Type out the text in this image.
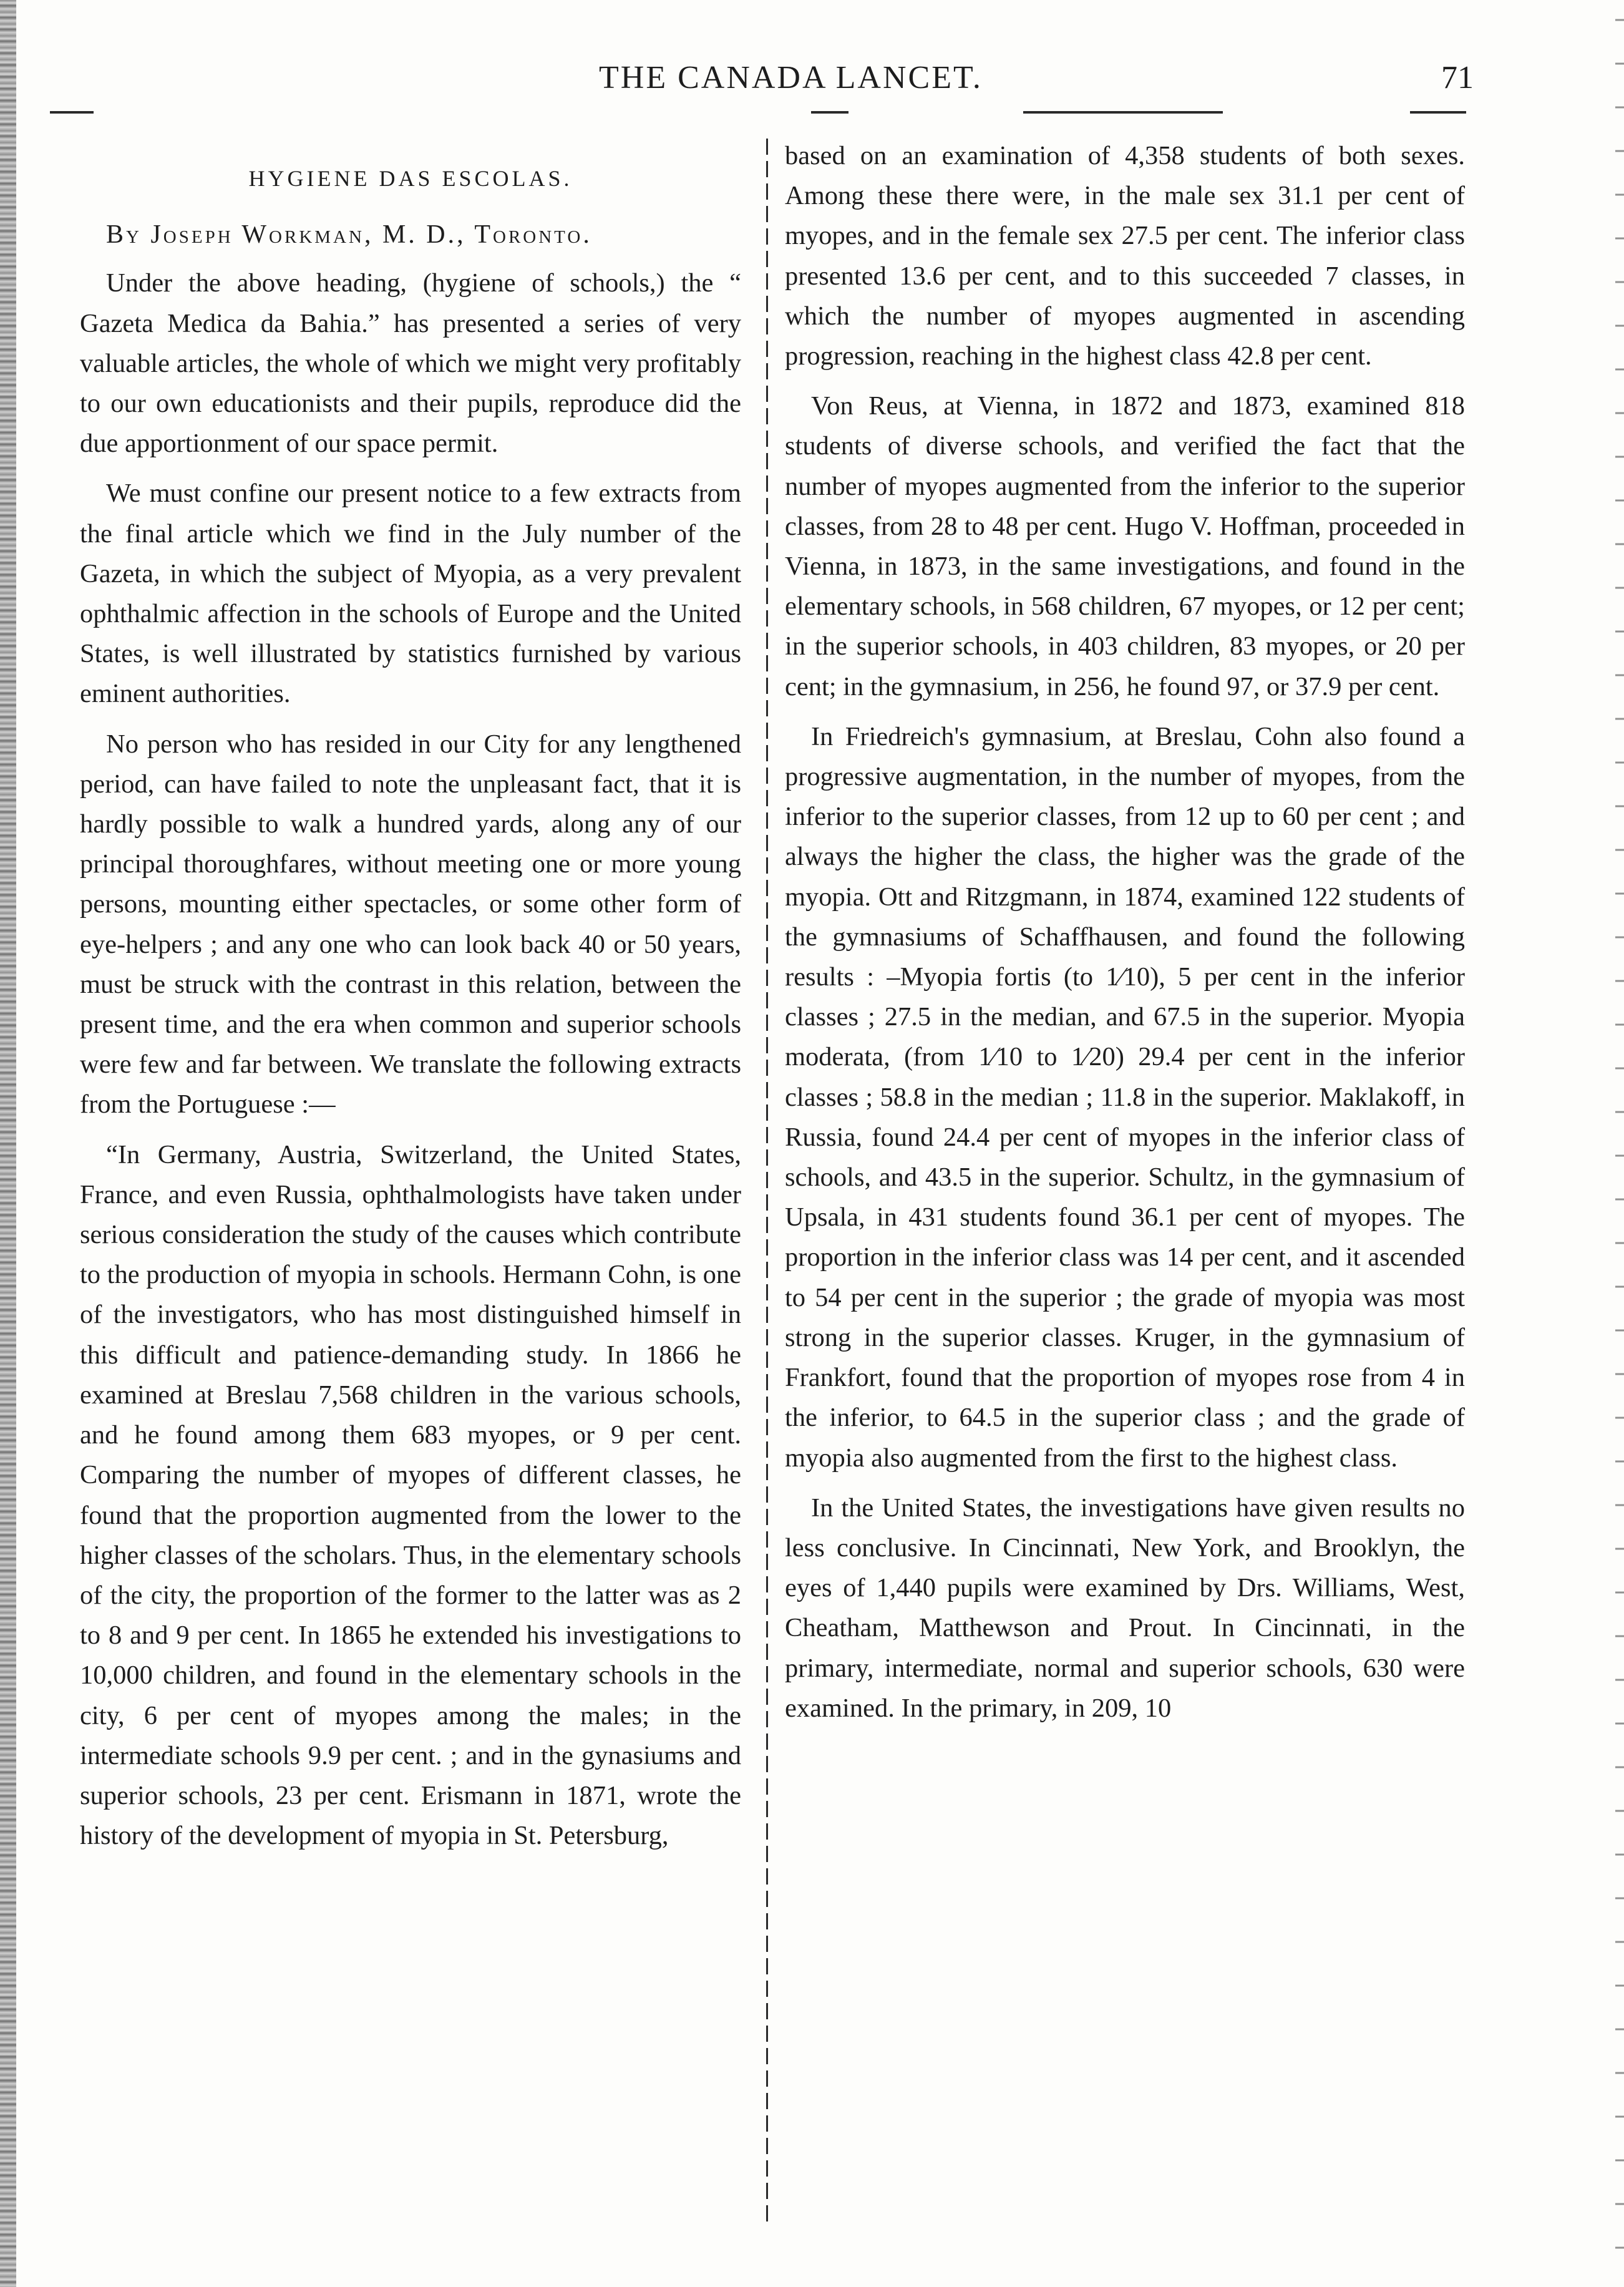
THE CANADA LANCET.	71
HYGIENE DAS ESCOLAS.
By Joseph Workman, M. D., Toronto.

Under the above heading, (hygiene of schools,) the “ Gazeta Medica da Bahia.” has presented a series of very valuable articles, the whole of which we might very profitably to our own educationists and their pupils, reproduce did the due apportionment of our space permit.

We must confine our present notice to a few extracts from the final article which we find in the July number of the Gazeta, in which the subject of Myopia, as a very prevalent ophthalmic affection in the schools of Europe and the United States, is well illustrated by statistics furnished by various eminent authorities.

No person who has resided in our City for any lengthened period, can have failed to note the unpleasant fact, that it is hardly possible to walk a hundred yards, along any of our principal thoroughfares, without meeting one or more young persons, mounting either spectacles, or some other form of eye-helpers ; and any one who can look back 40 or 50 years, must be struck with the contrast in this relation, between the present time, and the era when common and superior schools were few and far between. We translate the following extracts from the Portuguese :—

“In Germany, Austria, Switzerland, the United States, France, and even Russia, ophthalmologists have taken under serious consideration the study of the causes which contribute to the production of myopia in schools. Hermann Cohn, is one of the investigators, who has most distinguished himself in this difficult and patience-demanding study. In 1866 he examined at Breslau 7,568 children in the various schools, and he found among them 683 myopes, or 9 per cent. Comparing the number of myopes of different classes, he found that the proportion augmented from the lower to the higher classes of the scholars. Thus, in the elementary schools of the city, the proportion of the former to the latter was as 2 to 8 and 9 per cent. In 1865 he extended his investigations to 10,000 children, and found in the elementary schools in the city, 6 per cent of myopes among the males; in the intermediate schools 9.9 per cent. ; and in the gynasiums and superior schools, 23 per cent. Erismann in 1871, wrote the history of the development of myopia in St. Petersburg,

based on an examination of 4,358 students of both sexes. Among these there were, in the male sex 31.1 per cent of myopes, and in the female sex 27.5 per cent. The inferior class presented 13.6 per cent, and to this succeeded 7 classes, in which the number of myopes augmented in ascending progression, reaching in the highest class 42.8 per cent.

Von Reus, at Vienna, in 1872 and 1873, examined 818 students of diverse schools, and verified the fact that the number of myopes augmented from the inferior to the superior classes, from 28 to 48 per cent. Hugo V. Hoffman, proceeded in Vienna, in 1873, in the same investigations, and found in the elementary schools, in 568 children, 67 myopes, or 12 per cent; in the superior schools, in 403 children, 83 myopes, or 20 per cent; in the gymnasium, in 256, he found 97, or 37.9 per cent.

In Friedreich's gymnasium, at Breslau, Cohn also found a progressive augmentation, in the number of myopes, from the inferior to the superior classes, from 12 up to 60 per cent ; and always the higher the class, the higher was the grade of the myopia. Ott and Ritzgmann, in 1874, examined 122 students of the gymnasiums of Schaffhausen, and found the following results : –Myopia fortis (to 1⁄10), 5 per cent in the inferior classes ; 27.5 in the median, and 67.5 in the superior. Myopia moderata, (from 1⁄10 to 1⁄20) 29.4 per cent in the inferior classes ; 58.8 in the median ; 11.8 in the superior. Maklakoff, in Russia, found 24.4 per cent of myopes in the inferior class of schools, and 43.5 in the superior. Schultz, in the gymnasium of Upsala, in 431 students found 36.1 per cent of myopes. The proportion in the inferior class was 14 per cent, and it ascended to 54 per cent in the superior ; the grade of myopia was most strong in the superior classes. Kruger, in the gymnasium of Frankfort, found that the proportion of myopes rose from 4 in the inferior, to 64.5 in the superior class ; and the grade of myopia also augmented from the first to the highest class.

In the United States, the investigations have given results no less conclusive. In Cincinnati, New York, and Brooklyn, the eyes of 1,440 pupils were examined by Drs. Williams, West, Cheatham, Matthewson and Prout. In Cincinnati, in the primary, intermediate, normal and superior schools, 630 were examined. In the primary, in 209, 10
